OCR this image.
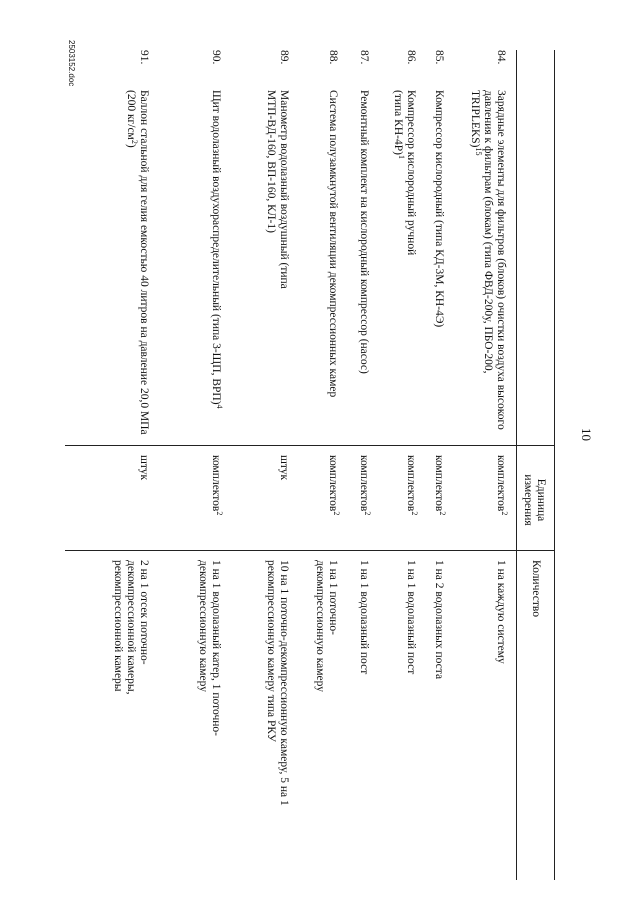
10
Единица измерения
Количество
84.
Зарядные элементы для фильтров (блоков) очистки воздуха высокого давления к фильтрам (блокам) (типа ФВД-200у, ПБО-200, TRIPLEKS)$^{15}$
комплектов$^2$
1 на каждую систему
85.
Компрессор кислородный (типа КД-3М, КН-4Э)
комплектов$^2$
1 на 2 водолазных поста
86.
Компрессор кислородный ручной (типа КН-4Р)$^1$
комплектов$^2$
1 на 1 водолазный пост
87.
Ремонтный комплект на кислородный компрессор (насос)
комплектов$^2$
1 на 1 водолазный пост
88.
Система полузамкнутой вентиляции декомпрессионных камер
комплектов$^2$
1 на 1 поточно-декомпрессионную камеру
89.
Манометр водолазный воздушный (типа МТП-ВД-160, ВП-160, КЛ-1)
штук
10 на 1 поточно-декомпрессионную камеру, 5 на 1 рекомпрессионную камеру типа РКУ
90.
Щит водолазный воздухораспределительный (типа 3-ЩП, ВРП)$^4$
комплектов$^2$
1 на 1 водолазный катер, 1 поточно-декомпрессионную камеру
91.
Баллон стальной для гелия емкостью 40 литров на давление 20,0 МПа (200 $кг/см^2$)
штук
2 на 1 отсек поточно-декомпрессионной камеры, рекомпрессионной камеры
2503152.doc
